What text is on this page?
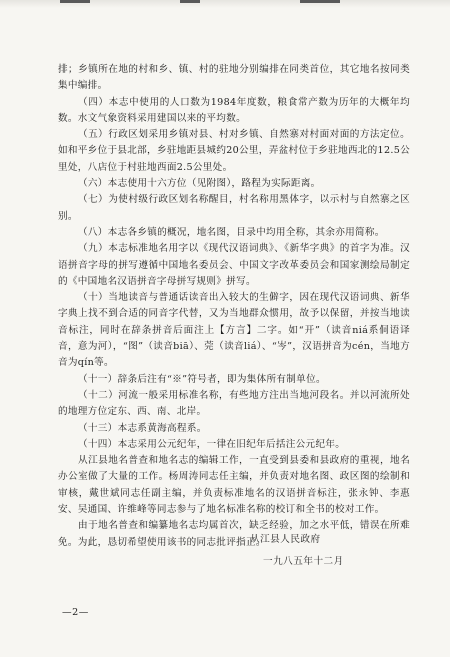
排；乡镇所在地的村和乡、镇、村的驻地分别编排在同类首位，其它地名按同类集中编排。

（四）本志中使用的人口数为1984年度数，粮食常产数为历年的大概年均数。水文气象资料采用建国以来的平均数。

（五）行政区划采用乡镇对县、村对乡镇、自然寨对村面对面的方法定位。如和平乡位于县北部，乡驻地距县城约20公里，弄盆村位于乡驻地西北的12.5公里处，八店位于村驻地西面2.5公里处。

（六）本志使用十六方位（见附图），路程为实际距离。

（七）为使村级行政区划名称醒目，村名称用黑体字，以示村与自然寨之区别。

（八）本志各乡镇的概况，地名图，目录中均用全称，其余亦用简称。

（九）本志标准地名用字以《现代汉语词典》、《新华字典》的首字为准。汉语拼音字母的拼写遵循中国地名委员会、中国文字改革委员会和国家测绘局制定的《中国地名汉语拼音字母拼写规则》拼写。

（十）当地读音与普通话读音出入较大的生僻字，因在现代汉语词典、新华字典上找不到合适的同音字代替，又为当地群众惯用，故予以保留，并按当地读音标注，同时在辞条拼音后面注上【方言】二字。如“开”（读音niá系侗语译音，意为河），“图”（读音biā）、莞（读音liá）、“岑”，汉语拼音为cén，当地方音为qín等。

（十一）辞条后注有“※”符号者，即为集体所有制单位。

（十二）河流一般采用标准名称，有些地方注出当地河段名。并以河流所处的地理方位定东、西、南、北岸。

（十三）本志系黄海高程系。

（十四）本志采用公元纪年，一律在旧纪年后括注公元纪年。

从江县地名普查和地名志的编辑工作，一直受到县委和县政府的重视，地名办公室做了大量的工作。杨周涛同志任主编，并负责对地名图、政区图的绘制和审核，戴世斌同志任副主编，并负责标准地名的汉语拼音标注，张永钟、李惠安、吴通国、许维峰等同志参与了地名标准名称的校订和全书的校对工作。

由于地名普查和编纂地名志均属首次，缺乏经验，加之水平低，错误在所难免。为此，恳切希望使用该书的同志批评指正。

从江县人民政府
一九八五年十二月
—2—
